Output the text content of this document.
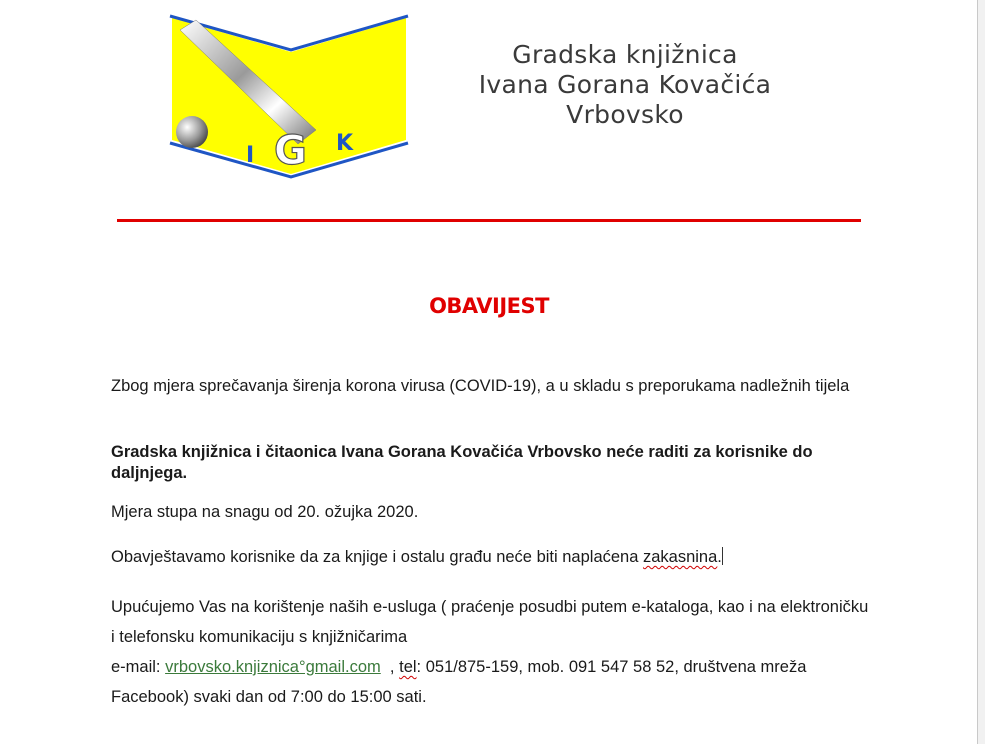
I G K
Gradska knjižnica
Ivana Gorana Kovačića
Vrbovsko
OBAVIJEST
Zbog mjera sprečavanja širenja korona virusa (COVID-19), a u skladu s preporukama nadležnih tijela
Gradska knjižnica i čitaonica Ivana Gorana Kovačića Vrbovsko neće raditi za korisnike do daljnjega.
Mjera stupa na snagu od 20. ožujka 2020.
Obavještavamo korisnike da za knjige i ostalu građu neće biti naplaćena zakasnina.
Upućujemo Vas na korištenje naših e-usluga ( praćenje posudbi putem e-kataloga, kao i na elektroničku i telefonsku komunikaciju s knjižničarima
e-mail: vrbovsko.knjiznica°gmail.com  , tel: 051/875-159, mob. 091 547 58 52, društvena mreža Facebook) svaki dan od 7:00 do 15:00 sati.
